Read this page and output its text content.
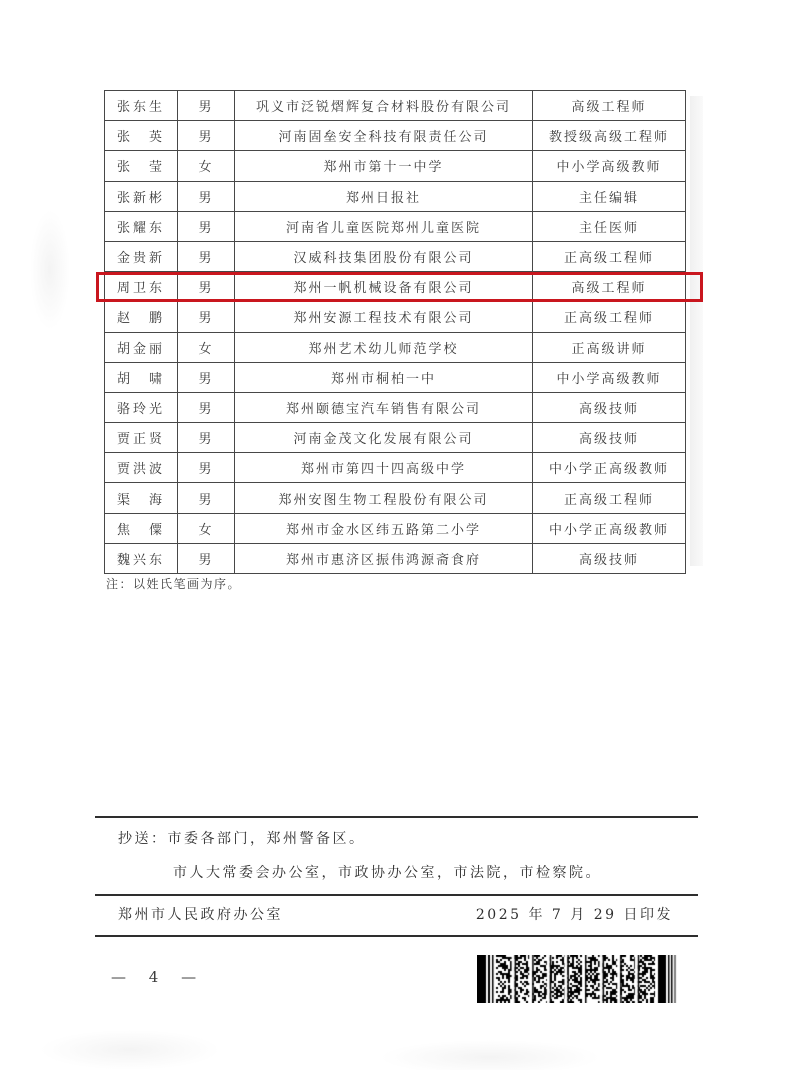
张东生	男	巩义市泛锐熠辉复合材料股份有限公司	高级工程师
张　英	男	河南固垒安全科技有限责任公司	教授级高级工程师
张　莹	女	郑州市第十一中学	中小学高级教师
张新彬	男	郑州日报社	主任编辑
张耀东	男	河南省儿童医院郑州儿童医院	主任医师
金贵新	男	汉威科技集团股份有限公司	正高级工程师
周卫东	男	郑州一帆机械设备有限公司	高级工程师
赵　鹏	男	郑州安源工程技术有限公司	正高级工程师
胡金丽	女	郑州艺术幼儿师范学校	正高级讲师
胡　啸	男	郑州市桐柏一中	中小学高级教师
骆玲光	男	郑州颐德宝汽车销售有限公司	高级技师
贾正贤	男	河南金茂文化发展有限公司	高级技师
贾洪波	男	郑州市第四十四高级中学	中小学正高级教师
渠　海	男	郑州安图生物工程股份有限公司	正高级工程师
焦　僳	女	郑州市金水区纬五路第二小学	中小学正高级教师
魏兴东	男	郑州市惠济区振伟鸿源斋食府	高级技师
注：以姓氏笔画为序。
抄送：市委各部门，郑州警备区。
市人大常委会办公室，市政协办公室，市法院，市检察院。
郑州市人民政府办公室	2025 年 7 月 29 日印发
— 4 —
